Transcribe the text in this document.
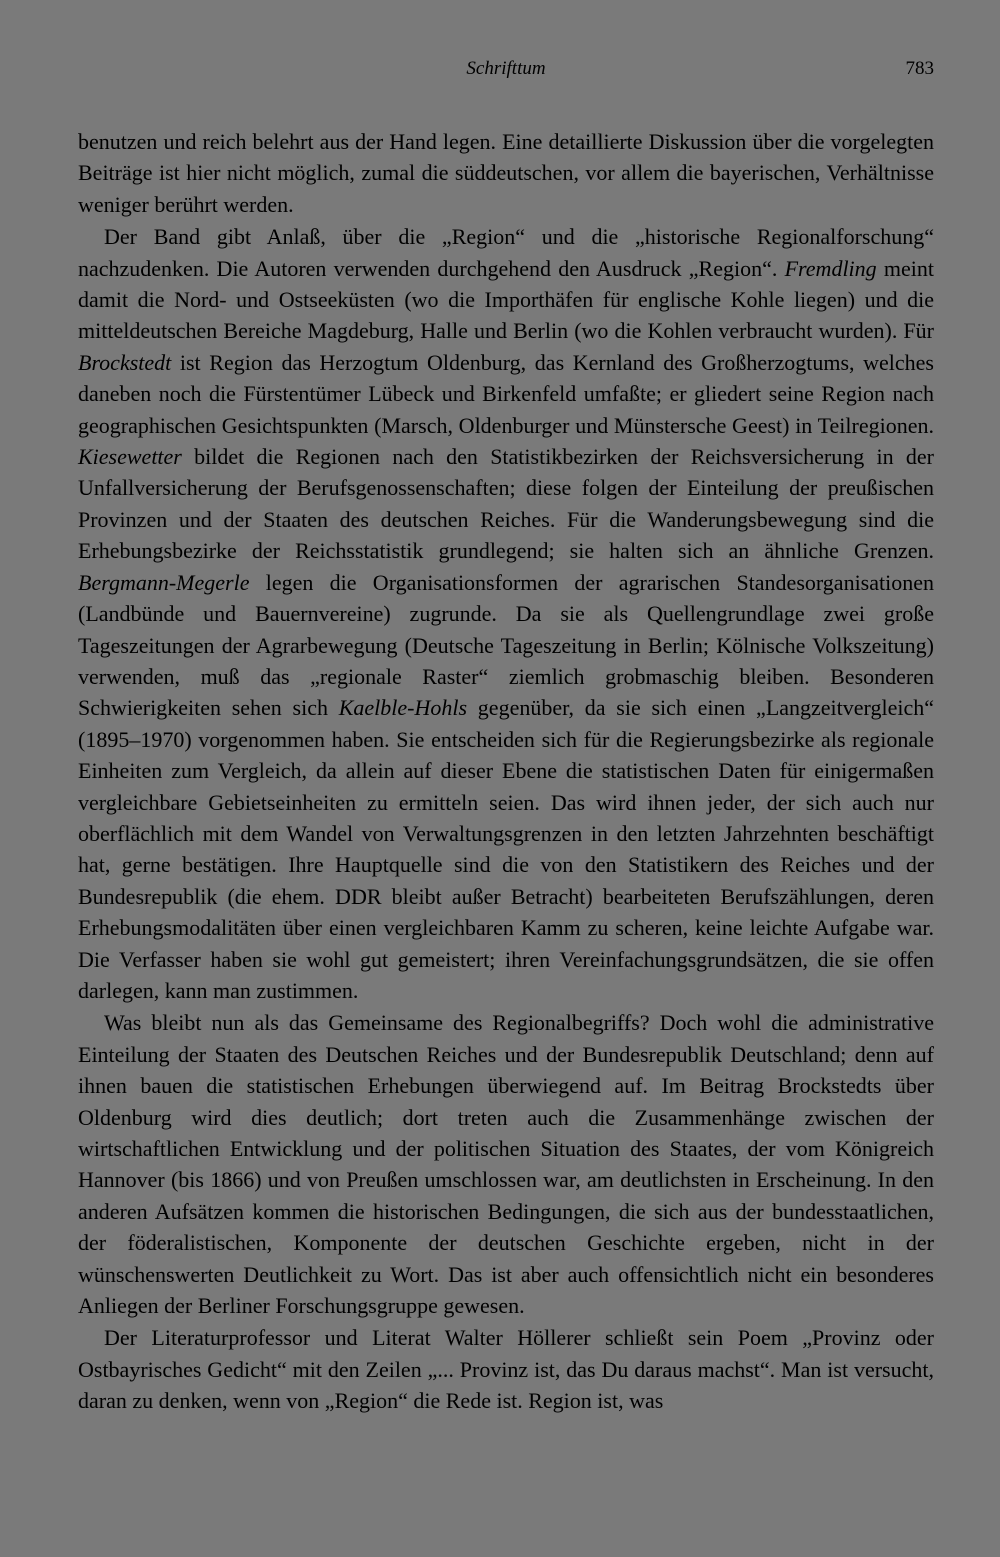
Schrifttum	783

benutzen und reich belehrt aus der Hand legen. Eine detaillierte Diskussion über die vorgelegten Beiträge ist hier nicht möglich, zumal die süddeutschen, vor allem die bayerischen, Verhältnisse weniger berührt werden.

Der Band gibt Anlaß, über die „Region“ und die „historische Regionalforschung“ nachzudenken. Die Autoren verwenden durchgehend den Ausdruck „Region“. Fremdling meint damit die Nord- und Ostseeküsten (wo die Importhäfen für englische Kohle liegen) und die mitteldeutschen Bereiche Magdeburg, Halle und Berlin (wo die Kohlen verbraucht wurden). Für Brockstedt ist Region das Herzogtum Oldenburg, das Kernland des Großherzogtums, welches daneben noch die Fürstentümer Lübeck und Birkenfeld umfaßte; er gliedert seine Region nach geographischen Gesichtspunkten (Marsch, Oldenburger und Münstersche Geest) in Teilregionen. Kiesewetter bildet die Regionen nach den Statistikbezirken der Reichsversicherung in der Unfallversicherung der Berufsgenossenschaften; diese folgen der Einteilung der preußischen Provinzen und der Staaten des deutschen Reiches. Für die Wanderungsbewegung sind die Erhebungsbezirke der Reichsstatistik grundlegend; sie halten sich an ähnliche Grenzen. Bergmann-Megerle legen die Organisationsformen der agrarischen Standesorganisationen (Landbünde und Bauernvereine) zugrunde. Da sie als Quellengrundlage zwei große Tageszeitungen der Agrarbewegung (Deutsche Tageszeitung in Berlin; Kölnische Volkszeitung) verwenden, muß das „regionale Raster“ ziemlich grobmaschig bleiben. Besonderen Schwierigkeiten sehen sich Kaelble-Hohls gegenüber, da sie sich einen „Langzeitvergleich“ (1895–1970) vorgenommen haben. Sie entscheiden sich für die Regierungsbezirke als regionale Einheiten zum Vergleich, da allein auf dieser Ebene die statistischen Daten für einigermaßen vergleichbare Gebietseinheiten zu ermitteln seien. Das wird ihnen jeder, der sich auch nur oberflächlich mit dem Wandel von Verwaltungsgrenzen in den letzten Jahrzehnten beschäftigt hat, gerne bestätigen. Ihre Hauptquelle sind die von den Statistikern des Reiches und der Bundesrepublik (die ehem. DDR bleibt außer Betracht) bearbeiteten Berufszählungen, deren Erhebungsmodalitäten über einen vergleichbaren Kamm zu scheren, keine leichte Aufgabe war. Die Verfasser haben sie wohl gut gemeistert; ihren Vereinfachungsgrundsätzen, die sie offen darlegen, kann man zustimmen.

Was bleibt nun als das Gemeinsame des Regionalbegriffs? Doch wohl die administrative Einteilung der Staaten des Deutschen Reiches und der Bundesrepublik Deutschland; denn auf ihnen bauen die statistischen Erhebungen überwiegend auf. Im Beitrag Brockstedts über Oldenburg wird dies deutlich; dort treten auch die Zusammenhänge zwischen der wirtschaftlichen Entwicklung und der politischen Situation des Staates, der vom Königreich Hannover (bis 1866) und von Preußen umschlossen war, am deutlichsten in Erscheinung. In den anderen Aufsätzen kommen die historischen Bedingungen, die sich aus der bundesstaatlichen, der föderalistischen, Komponente der deutschen Geschichte ergeben, nicht in der wünschenswerten Deutlichkeit zu Wort. Das ist aber auch offensichtlich nicht ein besonderes Anliegen der Berliner Forschungsgruppe gewesen.

Der Literaturprofessor und Literat Walter Höllerer schließt sein Poem „Provinz oder Ostbayrisches Gedicht“ mit den Zeilen „... Provinz ist, das Du daraus machst“. Man ist versucht, daran zu denken, wenn von „Region“ die Rede ist. Region ist, was
